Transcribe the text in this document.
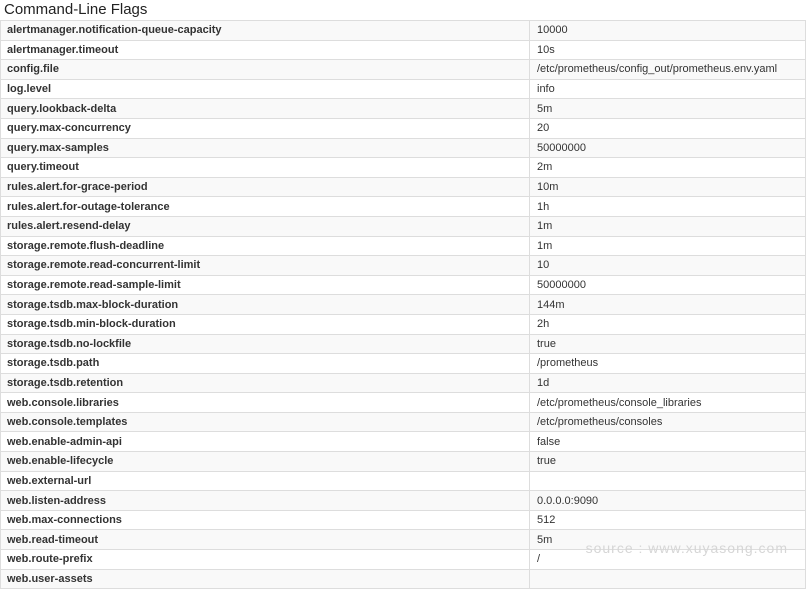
Command-Line Flags
alertmanager.notification-queue-capacity	10000
alertmanager.timeout	10s
config.file	/etc/prometheus/config_out/prometheus.env.yaml
log.level	info
query.lookback-delta	5m
query.max-concurrency	20
query.max-samples	50000000
query.timeout	2m
rules.alert.for-grace-period	10m
rules.alert.for-outage-tolerance	1h
rules.alert.resend-delay	1m
storage.remote.flush-deadline	1m
storage.remote.read-concurrent-limit	10
storage.remote.read-sample-limit	50000000
storage.tsdb.max-block-duration	144m
storage.tsdb.min-block-duration	2h
storage.tsdb.no-lockfile	true
storage.tsdb.path	/prometheus
storage.tsdb.retention	1d
web.console.libraries	/etc/prometheus/console_libraries
web.console.templates	/etc/prometheus/consoles
web.enable-admin-api	false
web.enable-lifecycle	true
web.external-url	
web.listen-address	0.0.0.0:9090
web.max-connections	512
web.read-timeout	5m
web.route-prefix	/
web.user-assets	
source : www.xuyasong.com
